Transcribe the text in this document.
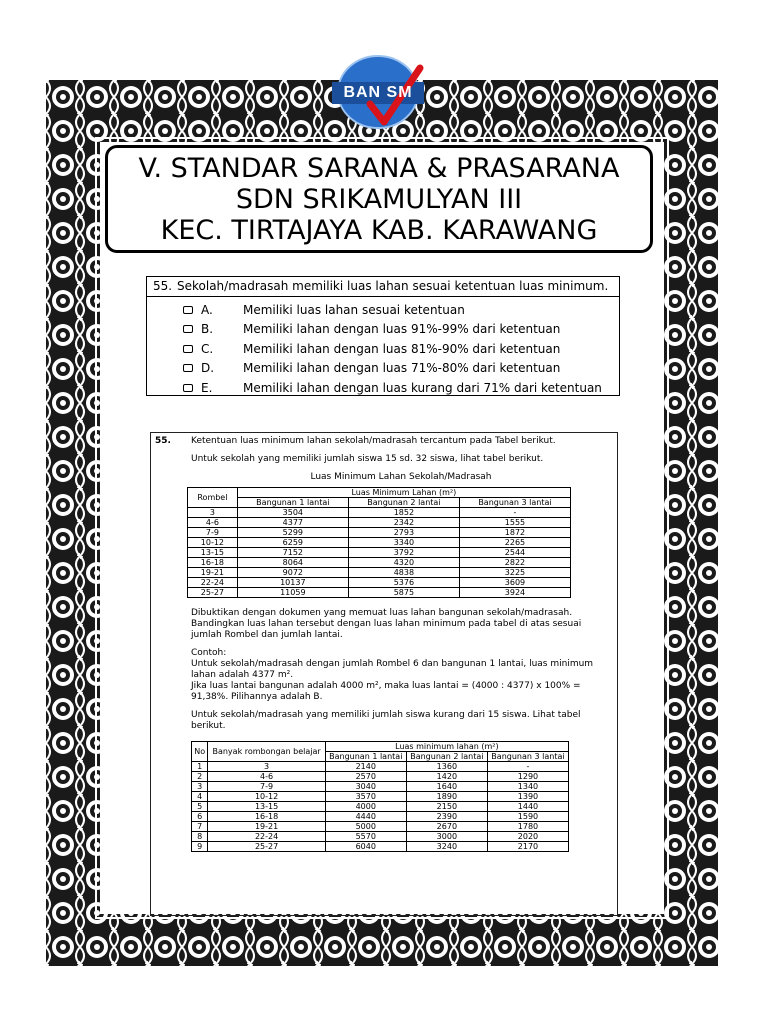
BAN SM
V. STANDAR SARANA & PRASARANA
SDN SRIKAMULYAN III
KEC. TIRTAJAYA KAB. KARAWANG
55. Sekolah/madrasah memiliki luas lahan sesuai ketentuan luas minimum.
A.	Memiliki luas lahan sesuai ketentuan
B.	Memiliki lahan dengan luas 91%-99% dari ketentuan
C.	Memiliki lahan dengan luas 81%-90% dari ketentuan
D.	Memiliki lahan dengan luas 71%-80% dari ketentuan
E.	Memiliki lahan dengan luas kurang dari 71% dari ketentuan
55.	Ketentuan luas minimum lahan sekolah/madrasah tercantum pada Tabel berikut.

Untuk sekolah yang memiliki jumlah siswa 15 sd. 32 siswa, lihat tabel berikut.

Luas Minimum Lahan Sekolah/Madrasah

Rombel	Luas Minimum Lahan (m²)		
	Bangunan 1 lantai	Bangunan 2 lantai	Bangunan 3 lantai
3	3504	1852	-
4-6	4377	2342	1555
7-9	5299	2793	1872
10-12	6259	3340	2265
13-15	7152	3792	2544
16-18	8064	4320	2822
19-21	9072	4838	3225
22-24	10137	5376	3609
25-27	11059	5875	3924

Dibuktikan dengan dokumen yang memuat luas lahan bangunan sekolah/madrasah. Bandingkan luas lahan tersebut dengan luas lahan minimum pada tabel di atas sesuai jumlah Rombel dan jumlah lantai.

Contoh:

Untuk sekolah/madrasah dengan jumlah Rombel 6 dan bangunan 1 lantai, luas minimum lahan adalah 4377 m².

Jika luas lantai bangunan adalah 4000 m², maka luas lantai = (4000 : 4377) x 100% = 91,38%. Pilihannya adalah B.

Untuk sekolah/madrasah yang memiliki jumlah siswa kurang dari 15 siswa. Lihat tabel berikut.

No	Banyak rombongan belajar	Luas minimum lahan (m²)		
		Bangunan 1 lantai	Bangunan 2 lantai	Bangunan 3 lantai
1	3	2140	1360	-
2	4-6	2570	1420	1290
3	7-9	3040	1640	1340
4	10-12	3570	1890	1390
5	13-15	4000	2150	1440
6	16-18	4440	2390	1590
7	19-21	5000	2670	1780
8	22-24	5570	3000	2020
9	25-27	6040	3240	2170
